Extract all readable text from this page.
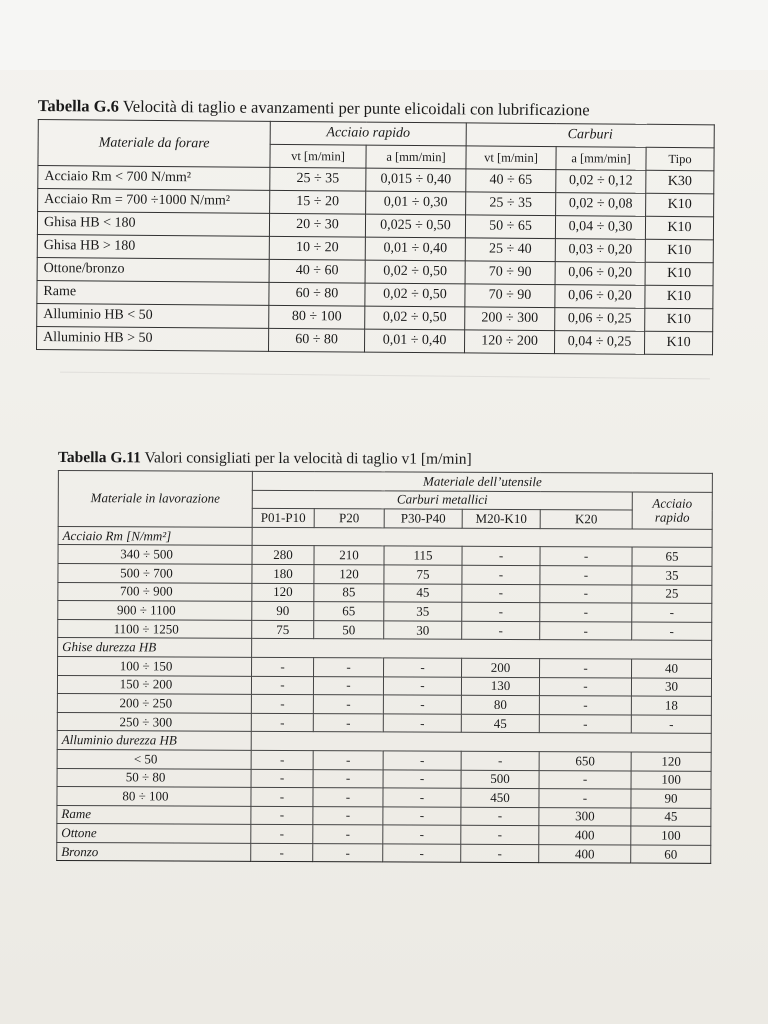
Tabella G.6 Velocità di taglio e avanzamenti per punte elicoidali con lubrificazione
Materiale da forare	Acciaio rapido		Carburi		
	vt [m/min]	a [mm/min]	vt [m/min]	a [mm/min]	Tipo
Acciaio Rm < 700 N/mm²	25 ÷ 35	0,015 ÷ 0,40	40 ÷ 65	0,02 ÷ 0,12	K30
Acciaio Rm = 700 ÷1000 N/mm²	15 ÷ 20	0,01 ÷ 0,30	25 ÷ 35	0,02 ÷ 0,08	K10
Ghisa HB < 180	20 ÷ 30	0,025 ÷ 0,50	50 ÷ 65	0,04 ÷ 0,30	K10
Ghisa HB > 180	10 ÷ 20	0,01 ÷ 0,40	25 ÷ 40	0,03 ÷ 0,20	K10
Ottone/bronzo	40 ÷ 60	0,02 ÷ 0,50	70 ÷ 90	0,06 ÷ 0,20	K10
Rame	60 ÷ 80	0,02 ÷ 0,50	70 ÷ 90	0,06 ÷ 0,20	K10
Alluminio HB < 50	80 ÷ 100	0,02 ÷ 0,50	200 ÷ 300	0,06 ÷ 0,25	K10
Alluminio HB > 50	60 ÷ 80	0,01 ÷ 0,40	120 ÷ 200	0,04 ÷ 0,25	K10
Tabella G.11 Valori consigliati per la velocità di taglio v1 [m/min]
Materiale in lavorazione	Materiale dell’utensile					
	Carburi metallici					Acciaio rapido
	P01-P10	P20	P30-P40	M20-K10	K20	
Acciaio Rm [N/mm²]						
340 ÷ 500	280	210	115	-	-	65
500 ÷ 700	180	120	75	-	-	35
700 ÷ 900	120	85	45	-	-	25
900 ÷ 1100	90	65	35	-	-	-
1100 ÷ 1250	75	50	30	-	-	-
Ghise durezza HB						
100 ÷ 150	-	-	-	200	-	40
150 ÷ 200	-	-	-	130	-	30
200 ÷ 250	-	-	-	80	-	18
250 ÷ 300	-	-	-	45	-	-
Alluminio durezza HB						
< 50	-	-	-	-	650	120
50 ÷ 80	-	-	-	500	-	100
80 ÷ 100	-	-	-	450	-	90
Rame	-	-	-	-	300	45
Ottone	-	-	-	-	400	100
Bronzo	-	-	-	-	400	60
